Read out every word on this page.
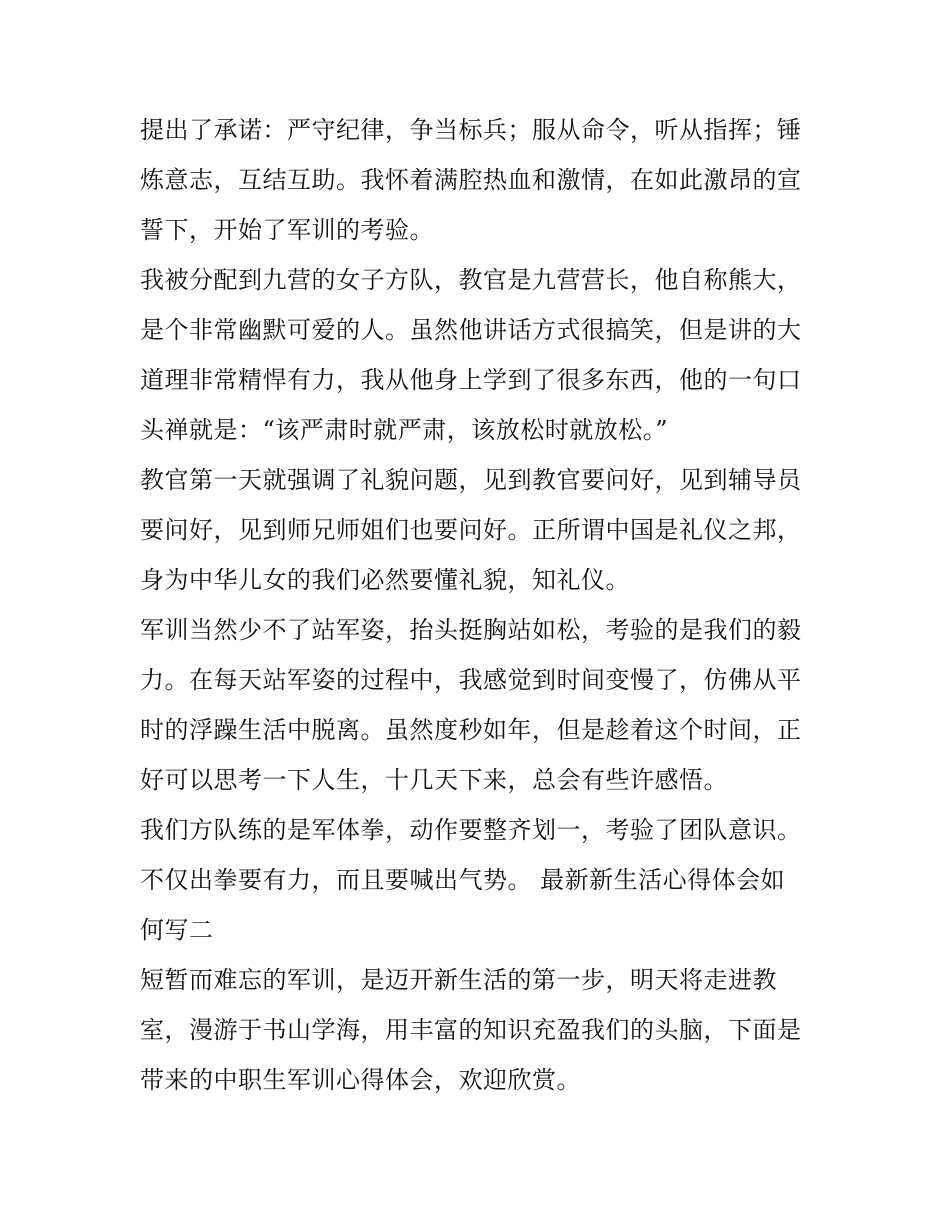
提出了承诺：严守纪律，争当标兵；服从命令，听从指挥；锤
炼意志，互结互助。我怀着满腔热血和激情，在如此激昂的宣
誓下，开始了军训的考验。
我被分配到九营的女子方队，教官是九营营长，他自称熊大，
是个非常幽默可爱的人。虽然他讲话方式很搞笑，但是讲的大
道理非常精悍有力，我从他身上学到了很多东西，他的一句口
头禅就是：“该严肃时就严肃，该放松时就放松。”
教官第一天就强调了礼貌问题，见到教官要问好，见到辅导员
要问好，见到师兄师姐们也要问好。正所谓中国是礼仪之邦，
身为中华儿女的我们必然要懂礼貌，知礼仪。
军训当然少不了站军姿，抬头挺胸站如松，考验的是我们的毅
力。在每天站军姿的过程中，我感觉到时间变慢了，仿佛从平
时的浮躁生活中脱离。虽然度秒如年，但是趁着这个时间，正
好可以思考一下人生，十几天下来，总会有些许感悟。
我们方队练的是军体拳，动作要整齐划一，考验了团队意识。
不仅出拳要有力，而且要喊出气势。 最新新生活心得体会如
何写二
短暂而难忘的军训，是迈开新生活的第一步，明天将走进教
室，漫游于书山学海，用丰富的知识充盈我们的头脑，下面是
带来的中职生军训心得体会，欢迎欣赏。
